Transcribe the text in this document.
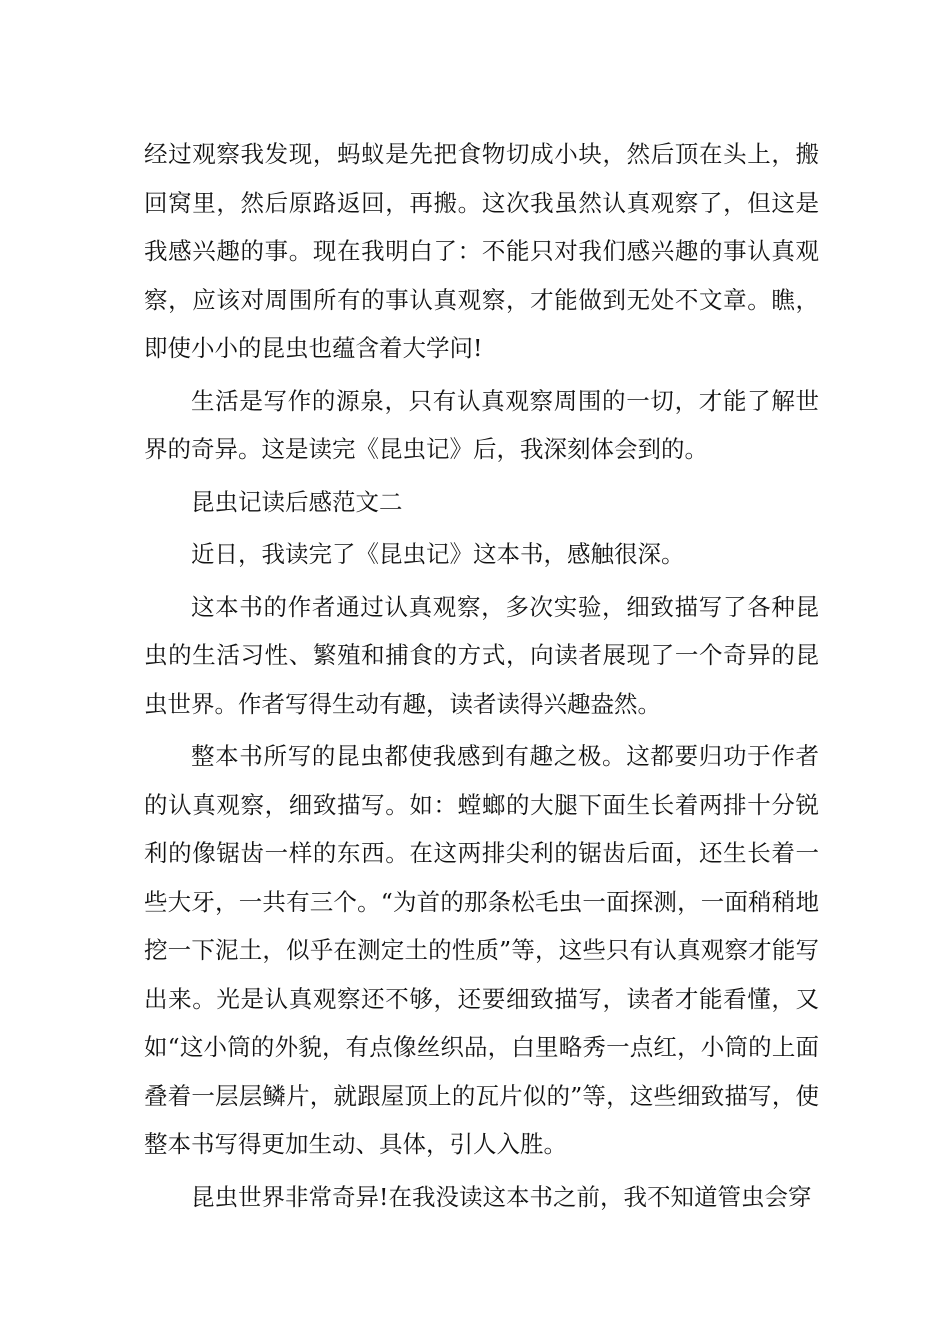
经过观察我发现，蚂蚁是先把食物切成小块，然后顶在头上，搬回窝里，然后原路返回，再搬。这次我虽然认真观察了，但这是我感兴趣的事。现在我明白了：不能只对我们感兴趣的事认真观察，应该对周围所有的事认真观察，才能做到无处不文章。瞧，即使小小的昆虫也蕴含着大学问!

生活是写作的源泉，只有认真观察周围的一切，才能了解世界的奇异。这是读完《昆虫记》后，我深刻体会到的。

昆虫记读后感范文二

近日，我读完了《昆虫记》这本书，感触很深。

这本书的作者通过认真观察，多次实验，细致描写了各种昆虫的生活习性、繁殖和捕食的方式，向读者展现了一个奇异的昆虫世界。作者写得生动有趣，读者读得兴趣盎然。

整本书所写的昆虫都使我感到有趣之极。这都要归功于作者的认真观察，细致描写。如：螳螂的大腿下面生长着两排十分锐利的像锯齿一样的东西。在这两排尖利的锯齿后面，还生长着一些大牙，一共有三个。“为首的那条松毛虫一面探测，一面稍稍地挖一下泥土，似乎在测定土的性质”等，这些只有认真观察才能写出来。光是认真观察还不够，还要细致描写，读者才能看懂，又如“这小筒的外貌，有点像丝织品，白里略秀一点红，小筒的上面叠着一层层鳞片，就跟屋顶上的瓦片似的”等，这些细致描写，使整本书写得更加生动、具体，引人入胜。

昆虫世界非常奇异!在我没读这本书之前，我不知道管虫会穿
